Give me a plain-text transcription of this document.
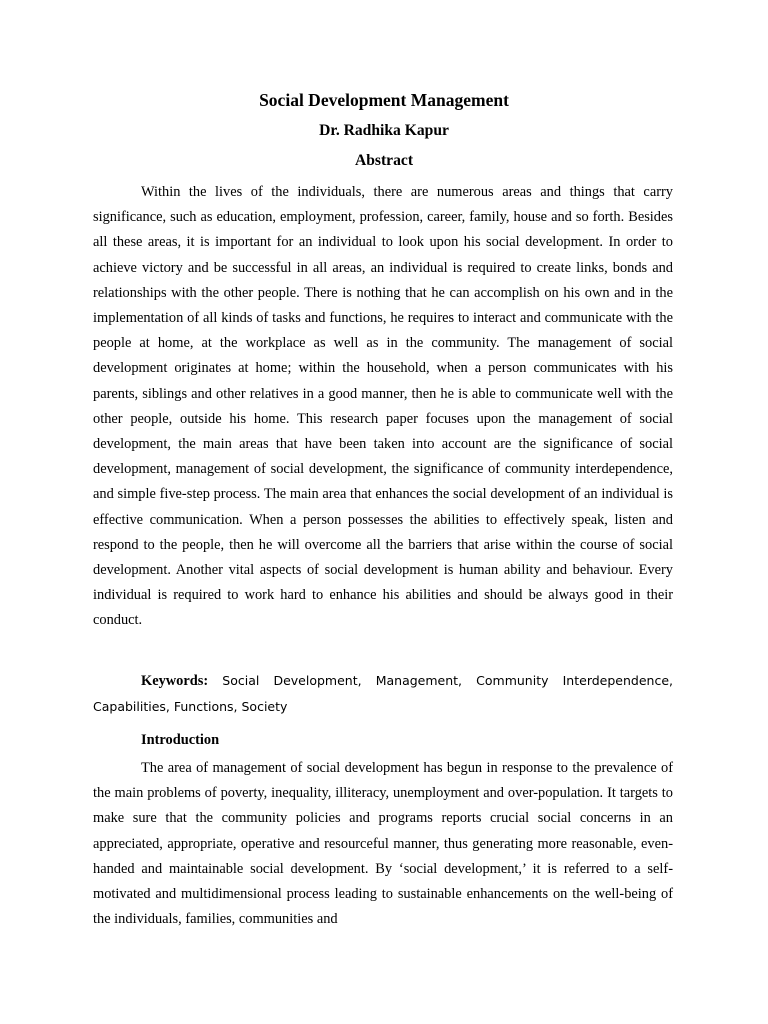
Social Development Management
Dr. Radhika Kapur
Abstract

Within the lives of the individuals, there are numerous areas and things that carry significance, such as education, employment, profession, career, family, house and so forth. Besides all these areas, it is important for an individual to look upon his social development. In order to achieve victory and be successful in all areas, an individual is required to create links, bonds and relationships with the other people. There is nothing that he can accomplish on his own and in the implementation of all kinds of tasks and functions, he requires to interact and communicate with the people at home, at the workplace as well as in the community. The management of social development originates at home; within the household, when a person communicates with his parents, siblings and other relatives in a good manner, then he is able to communicate well with the other people, outside his home. This research paper focuses upon the management of social development, the main areas that have been taken into account are the significance of social development, management of social development, the significance of community interdependence, and simple five-step process. The main area that enhances the social development of an individual is effective communication. When a person possesses the abilities to effectively speak, listen and respond to the people, then he will overcome all the barriers that arise within the course of social development. Another vital aspects of social development is human ability and behaviour. Every individual is required to work hard to enhance his abilities and should be always good in their conduct.

Keywords: Social Development, Management, Community Interdependence, Capabilities, Functions, Society

Introduction

The area of management of social development has begun in response to the prevalence of the main problems of poverty, inequality, illiteracy, unemployment and over-population. It targets to make sure that the community policies and programs reports crucial social concerns in an appreciated, appropriate, operative and resourceful manner, thus generating more reasonable, even-handed and maintainable social development. By ‘social development,’ it is referred to a self-motivated and multidimensional process leading to sustainable enhancements on the well-being of the individuals, families, communities and
